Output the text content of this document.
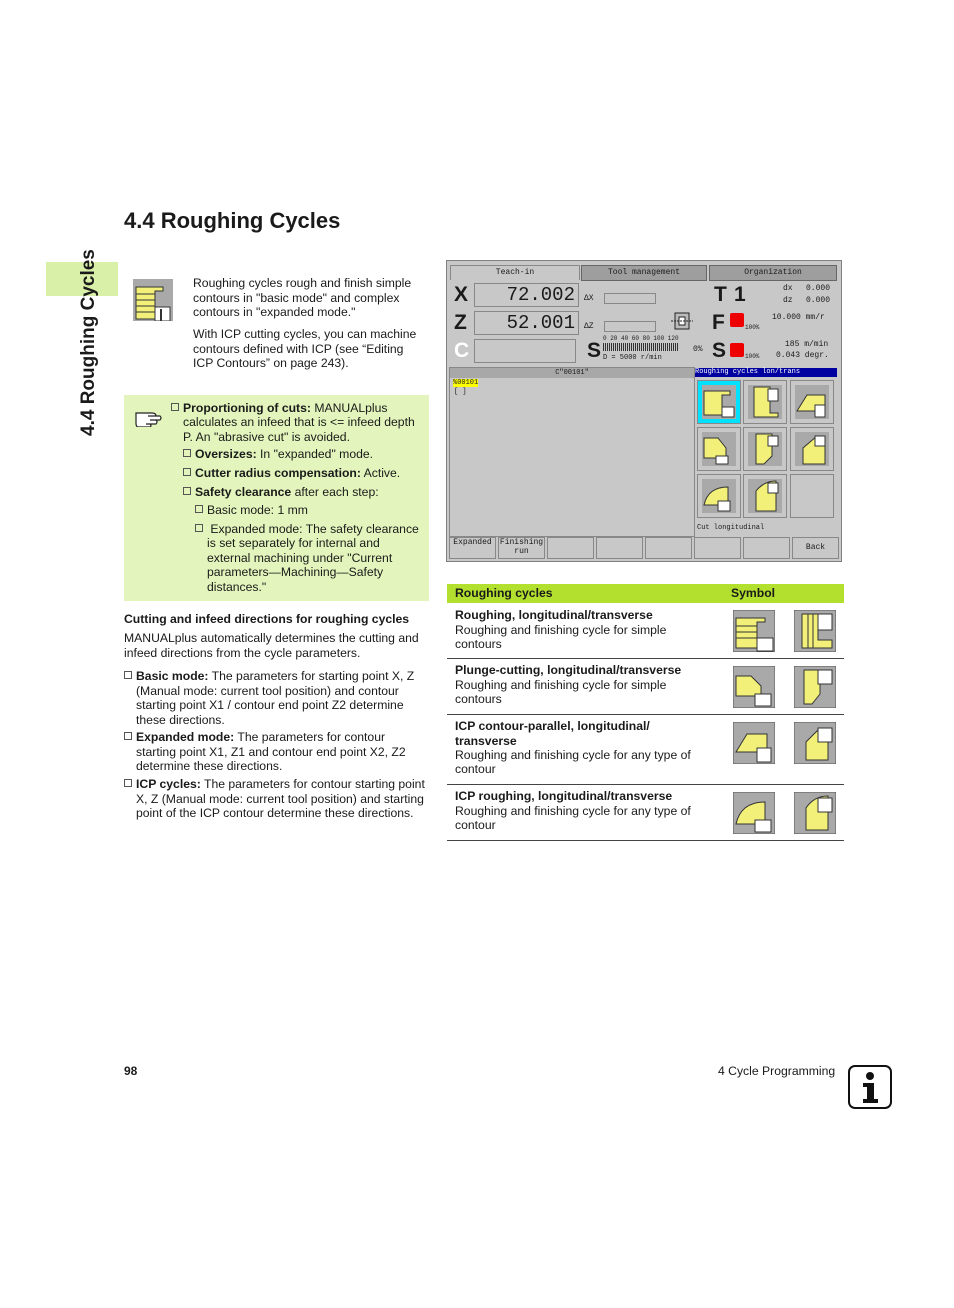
4.4 Roughing Cycles
4.4 Roughing Cycles
Roughing cycles rough and finish simple contours in "basic mode" and complex contours in "expanded mode."
With ICP cutting cycles, you can machine contours defined with ICP (see “Editing ICP Contours” on page 243).
Proportioning of cuts: MANUALplus calculates an infeed that is <= infeed depth P. An "abrasive cut" is avoided.
Oversizes: In "expanded" mode.
Cutter radius compensation: Active.
Safety clearance after each step:
Basic mode: 1 mm
Expanded mode: The safety clearance is set separately for internal and external machining under "Current parameters—Machining—Safety distances."
Cutting and infeed directions for roughing cycles
MANUALplus automatically determines the cutting and infeed directions from the cycle parameters.
Basic mode: The parameters for starting point X, Z (Manual mode: current tool position) and contour starting point X1 / contour end point Z2 determine these directions.
Expanded mode: The parameters for contour starting point X1, Z1 and contour end point X2, Z2 determine these directions.
ICP cycles: The parameters for contour starting point X, Z (Manual mode: current tool position) and starting point of the ICP contour determine these directions.
Teach-in	Tool management	Organization
X	72.002
Z	52.001
C
ΔX
ΔZ
0 20 40 60 80 100 120
D = 5000 r/min
0%
T 1	dx 0.000
dz 0.000
F	10.000 mm/r
100%
S	S	185 m/min
0.043 degr.
100%
C"00101"
%00101
[ ]
Roughing cycles lon/trans
Cut longitudinal
Expanded	Finishing run	Back
Roughing cycles	Symbol
Roughing, longitudinal/transverse
Roughing and finishing cycle for simple contours
Plunge-cutting, longitudinal/transverse
Roughing and finishing cycle for simple contours
ICP contour-parallel, longitudinal/ transverse
Roughing and finishing cycle for any type of contour
ICP roughing, longitudinal/transverse
Roughing and finishing cycle for any type of contour
98	4 Cycle Programming
